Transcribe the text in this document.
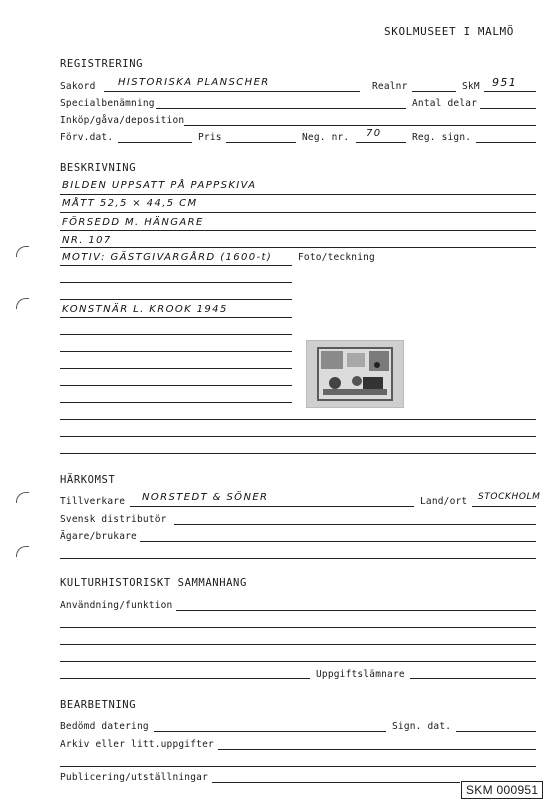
SKOLMUSEET I MALMÖ
REGISTRERING
Sakord HISTORISKA PLANSCHER	Realnr	SkM 951
Specialbenämning	Antal delar
Inköp/gåva/deposition
Förv.dat.	Pris	Neg. nr. 70	Reg. sign.
BESKRIVNING
BILDEN UPPSATT PÅ PAPPSKIVA
MÅTT 52,5 × 44,5 CM
FÖRSEDD M. HÄNGARE
NR. 107
MOTIV: GÄSTGIVARGÅRD (1600-t)	Foto/teckning
KONSTNÄR L. KROOK 1945
HÄRKOMST
Tillverkare NORSTEDT & SÖNER	Land/ort STOCKHOLM
Svensk distributör
Ägare/brukare
KULTURHISTORISKT SAMMANHANG
Användning/funktion
Uppgiftslämnare
BEARBETNING
Bedömd datering	Sign. dat.
Arkiv eller litt.uppgifter
Publicering/utställningar
SKM 000951
